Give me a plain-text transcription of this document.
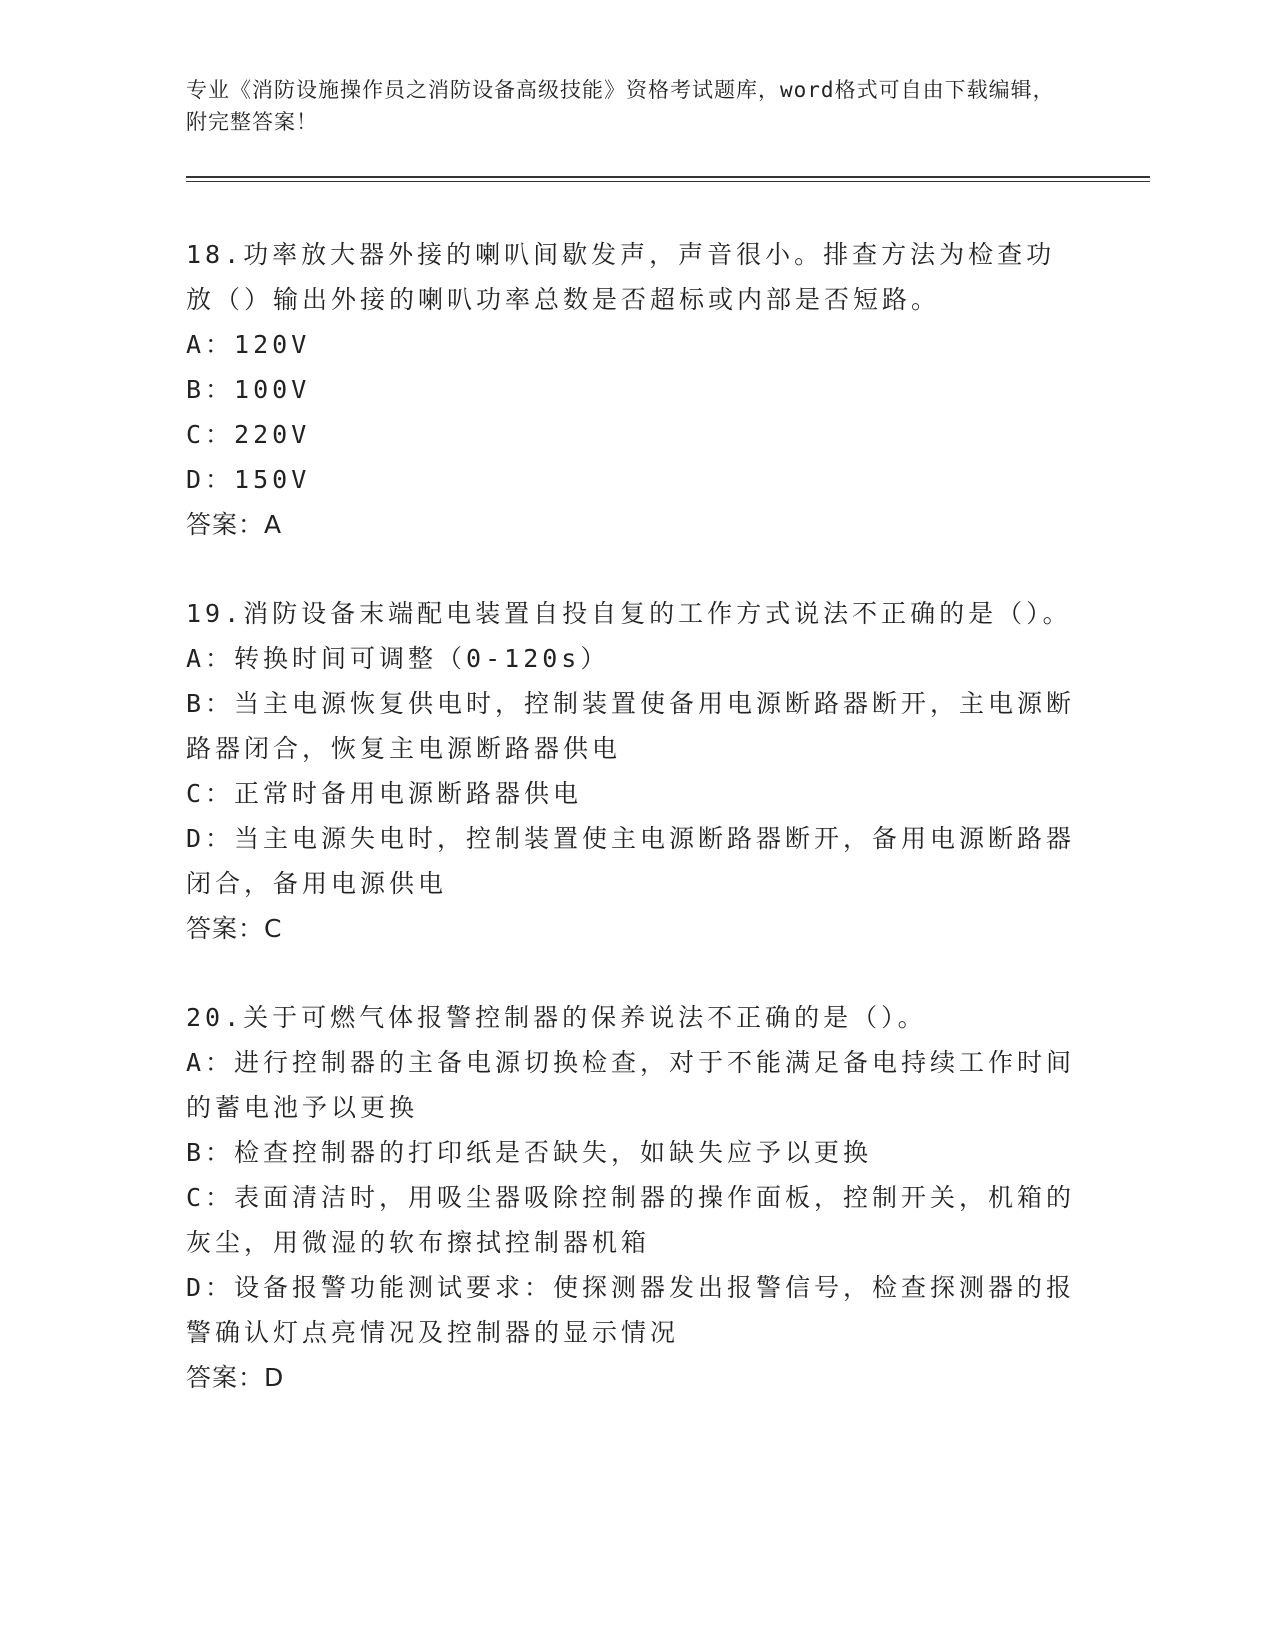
专业《消防设施操作员之消防设备高级技能》资格考试题库，word格式可自由下载编辑，附完整答案！

18.功率放大器外接的喇叭间歇发声，声音很小。排查方法为检查功放（）输出外接的喇叭功率总数是否超标或内部是否短路。

A：120V

B：100V

C：220V

D：150V

答案：A

19.消防设备末端配电装置自投自复的工作方式说法不正确的是（）。

A：转换时间可调整（0-120s）

B：当主电源恢复供电时，控制装置使备用电源断路器断开，主电源断路器闭合，恢复主电源断路器供电

C：正常时备用电源断路器供电

D：当主电源失电时，控制装置使主电源断路器断开，备用电源断路器闭合，备用电源供电

答案：C

20.关于可燃气体报警控制器的保养说法不正确的是（）。

A：进行控制器的主备电源切换检查，对于不能满足备电持续工作时间的蓄电池予以更换

B：检查控制器的打印纸是否缺失，如缺失应予以更换

C：表面清洁时，用吸尘器吸除控制器的操作面板，控制开关，机箱的灰尘，用微湿的软布擦拭控制器机箱

D：设备报警功能测试要求：使探测器发出报警信号，检查探测器的报警确认灯点亮情况及控制器的显示情况

答案：D
